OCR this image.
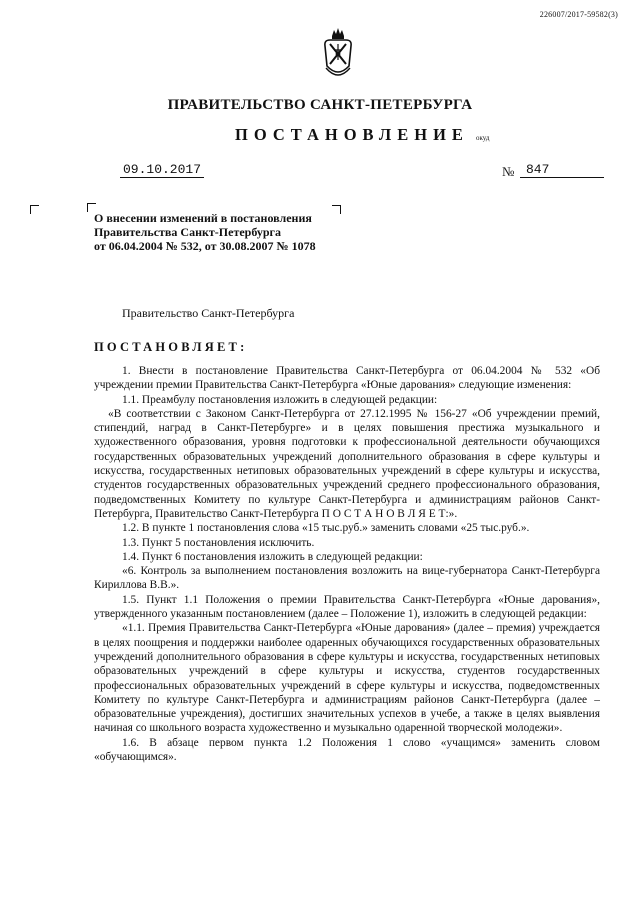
226007/2017-59582(3)
ПРАВИТЕЛЬСТВО САНКТ-ПЕТЕРБУРГА
ПОСТАНОВЛЕНИЕ окуд
09.10.2017	№ 847
О внесении изменений в постановления
Правительства Санкт-Петербурга
от 06.04.2004 № 532, от 30.08.2007 № 1078
Правительство Санкт-Петербурга
ПОСТАНОВЛЯЕТ:

1. Внести в постановление Правительства Санкт-Петербурга от 06.04.2004 № 532 «Об учреждении премии Правительства Санкт-Петербурга «Юные дарования» следующие изменения:

1.1. Преамбулу постановления изложить в следующей редакции:

«В соответствии с Законом Санкт-Петербурга от 27.12.1995 № 156-27 «Об учреждении премий, стипендий, наград в Санкт-Петербурге» и в целях повышения престижа музыкального и художественного образования, уровня подготовки к профессиональной деятельности обучающихся государственных образовательных учреждений дополнительного образования в сфере культуры и искусства, государственных нетиповых образовательных учреждений в сфере культуры и искусства, студентов государственных образовательных учреждений среднего профессионального образования, подведомственных Комитету по культуре Санкт-Петербурга и администрациям районов Санкт-Петербурга, Правительство Санкт-Петербурга П О С Т А Н О В Л Я Е Т:».

1.2. В пункте 1 постановления слова «15 тыс.руб.» заменить словами «25 тыс.руб.».

1.3. Пункт 5 постановления исключить.

1.4. Пункт 6 постановления изложить в следующей редакции:

«6. Контроль за выполнением постановления возложить на вице-губернатора Санкт-Петербурга Кириллова В.В.».

1.5. Пункт 1.1 Положения о премии Правительства Санкт-Петербурга «Юные дарования», утвержденного указанным постановлением (далее – Положение 1), изложить в следующей редакции:

«1.1. Премия Правительства Санкт-Петербурга «Юные дарования» (далее – премия) учреждается в целях поощрения и поддержки наиболее одаренных обучающихся государственных образовательных учреждений дополнительного образования в сфере культуры и искусства, государственных нетиповых образовательных учреждений в сфере культуры и искусства, студентов государственных профессиональных образовательных учреждений в сфере культуры и искусства, подведомственных Комитету по культуре Санкт-Петербурга и администрациям районов Санкт-Петербурга (далее – образовательные учреждения), достигших значительных успехов в учебе, а также в целях выявления начиная со школьного возраста художественно и музыкально одаренной творческой молодежи».

1.6. В абзаце первом пункта 1.2 Положения 1 слово «учащимся» заменить словом «обучающимся».
